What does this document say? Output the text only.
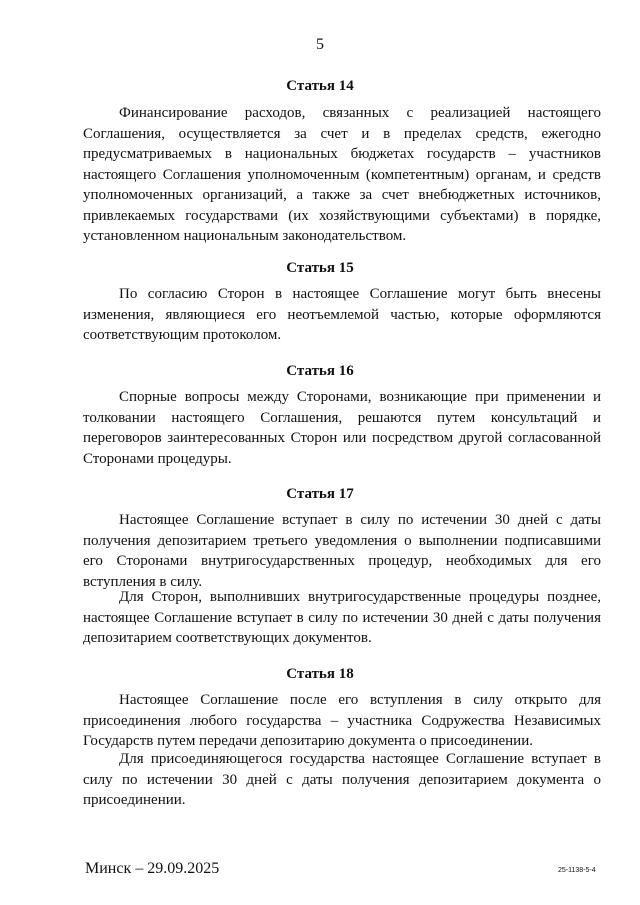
5
Статья 14

Финансирование расходов, связанных с реализацией настоящего Соглашения, осуществляется за счет и в пределах средств, ежегодно предусматриваемых в национальных бюджетах государств – участников настоящего Соглашения уполномоченным (компетентным) органам, и средств уполномоченных организаций, а также за счет внебюджетных источников, привлекаемых государствами (их хозяйствующими субъектами) в порядке, установленном национальным законодательством.

Статья 15

По согласию Сторон в настоящее Соглашение могут быть внесены изменения, являющиеся его неотъемлемой частью, которые оформляются соответствующим протоколом.

Статья 16

Спорные вопросы между Сторонами, возникающие при применении и толковании настоящего Соглашения, решаются путем консультаций и переговоров заинтересованных Сторон или посредством другой согласованной Сторонами процедуры.

Статья 17

Настоящее Соглашение вступает в силу по истечении 30 дней с даты получения депозитарием третьего уведомления о выполнении подписавшими его Сторонами внутригосударственных процедур, необходимых для его вступления в силу.

Для Сторон, выполнивших внутригосударственные процедуры позднее, настоящее Соглашение вступает в силу по истечении 30 дней с даты получения депозитарием соответствующих документов.

Статья 18

Настоящее Соглашение после его вступления в силу открыто для присоединения любого государства – участника Содружества Независимых Государств путем передачи депозитарию документа о присоединении.

Для присоединяющегося государства настоящее Соглашение вступает в силу по истечении 30 дней с даты получения депозитарием документа о присоединении.

Минск – 29.09.2025	25-1138-5-4
